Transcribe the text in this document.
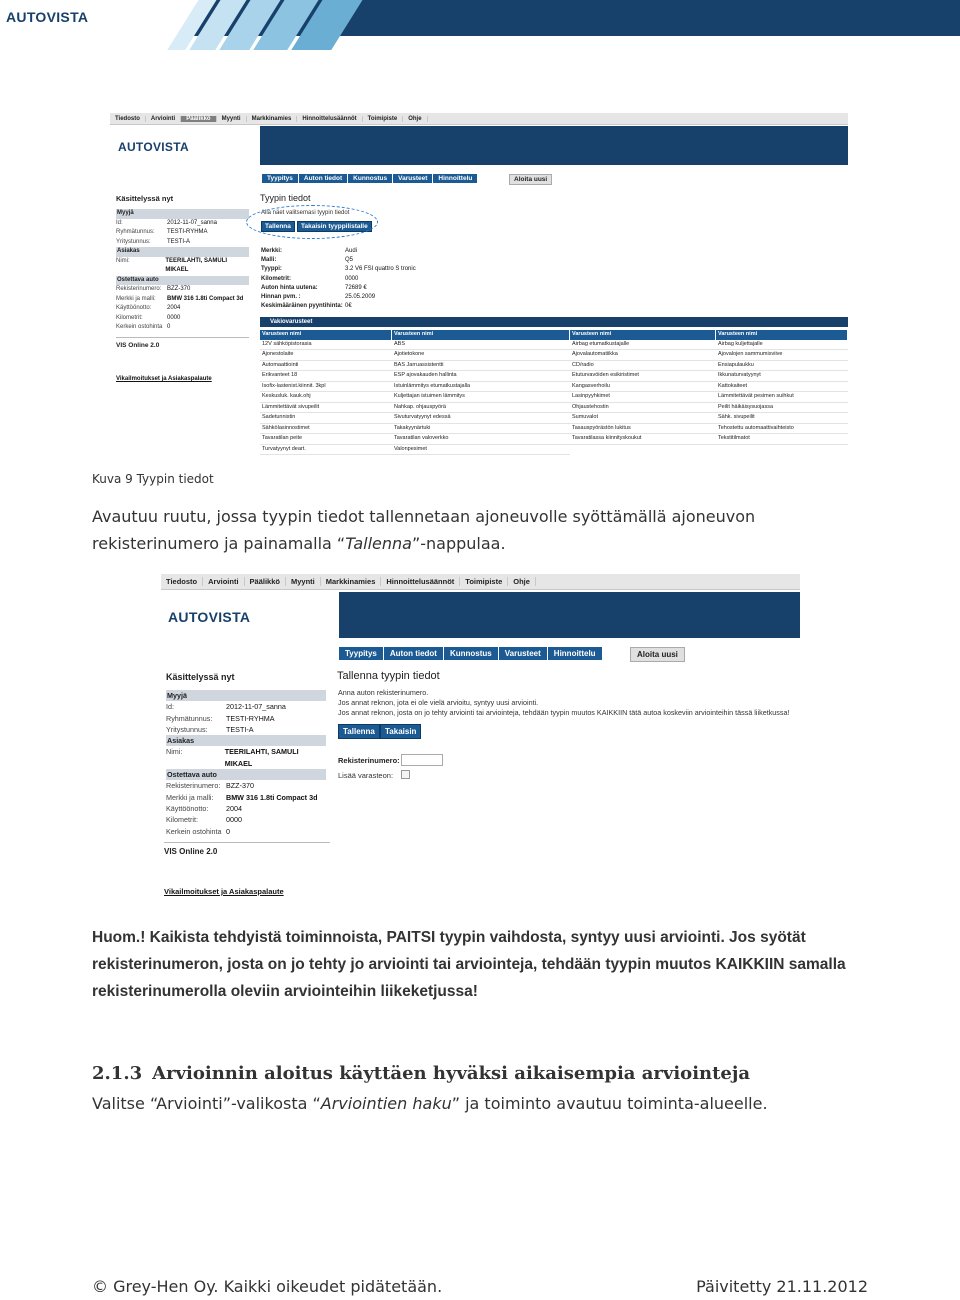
AUTOVISTA
Tiedosto	Arviointi	Päälikkö	Myynti	Markkinamies	Hinnoittelusäännöt	Toimipiste	Ohje
AUTOVISTA
Tyypitys	Auton tiedot	Kunnostus	Varusteet	Hinnoittelu	Aloita uusi
Käsittelyssä nyt
Myyjä
Id:	2012-11-07_sanna
Ryhmätunnus:	TESTI-RYHMA
Yritystunnus:	TESTI-A
Asiakas
Nimi:	TEERILAHTI, SAMULI MIKAEL
Ostettava auto
Rekisterinumero: BZZ-370
Merkki ja malli:	BMW 316 1.8ti Compact 3d
Käyttöönotto:	2004
Kilometrit:	0000
Kerkein ostohinta 0
VIS Online 2.0
Vikailmoitukset ja Asiakaspalaute
Tyypin tiedot
Alla näet valitsemasi tyypin tiedot
Tallenna	Takaisin tyyppilistalle
Merkki:	Audi
Malli:	Q5
Tyyppi:	3.2 V6 FSI quattro S tronic
Kilometrit:	0000
Auton hinta uutena:	72689 €
Hinnan pvm. :	25.05.2009
Keskimääräinen pyyntihinta: 0€
Vakiovarusteet
Varusteen nimi	Varusteen nimi	Varusteen nimi	Varusteen nimi
12V sähköpistorasia	ABS	Airbag etumatkustajalle	Airbag kuljettajalle
Ajonestolaite	Ajotietokone	Ajovalautomatiikka	Ajovalojen sammumisviive
Automaattiointi	BAS Jarruassistentti	CD/radio	Ensiapulaukku
Erikvanteet 18	ESP ajovakauden hallinta	Etuturvavöiden esikiristimet	Ikkunaturvatyynyt
Isofix-lastenist.kiinnit. 3kpl	Istuinlämmitys etumatkustajalla	Kangasverhoilu	Kattokaiteet
Keskusluk. kauk.ohj	Kuljettajan istuimen lämmitys	Lasinpyyhkimet	Lämmitettävät pesimen suihkut
Lämmitettävät sivupeilit	Nahkap. ohjauspyörä	Ohjaustehostin	Peilit häikäisysuojassa
Sadetunnistin	Sivuturvatyynyt edessä	Sumuvalot	Sähk. sivupeilit
Sähkölasinnostimet	Takakyynärtuki	Tasauspyörästön lukitus	Tehostettu automaattivaihteisto
Tavaratilan peite	Tavaratilan valoverkko	Tavaratilassa kiinnityskoukut	Tekstitilmatot
Turvatyynyt deart.	Valonpesimet
Kuva 9 Tyypin tiedot
Avautuu ruutu, jossa tyypin tiedot tallennetaan ajoneuvolle syöttämällä ajoneuvon
rekisterinumero ja painamalla “Tallenna”-nappulaa.
Tiedosto	Arviointi	Päälikkö	Myynti	Markkinamies	Hinnoittelusäännöt	Toimipiste	Ohje
AUTOVISTA
Tyypitys	Auton tiedot	Kunnostus	Varusteet	Hinnoittelu	Aloita uusi
Käsittelyssä nyt
Myyjä
Id:	2012-11-07_sanna
Ryhmätunnus:	TESTI-RYHMA
Yritystunnus:	TESTI-A
Asiakas
Nimi:	TEERILAHTI, SAMULI MIKAEL
Ostettava auto
Rekisterinumero: BZZ-370
Merkki ja malli:	BMW 316 1.8ti Compact 3d
Käyttöönotto:	2004
Kilometrit:	0000
Kerkein ostohinta 0
VIS Online 2.0
Vikailmoitukset ja Asiakaspalaute
Tallenna tyypin tiedot
Anna auton rekisterinumero.
Jos annat reknon, jota ei ole vielä arvioitu, syntyy uusi arviointi.
Jos annat reknon, josta on jo tehty arviointi tai arviointeja, tehdään tyypin muutos KAIKKIIN tätä autoa koskeviin arviointeihin tässä liiketkussa!
Tallenna	Takaisin
Rekisterinumero:
Lisää varasteon:
Huom.! Kaikista tehdyistä toiminnoista, PAITSI tyypin vaihdosta, syntyy uusi arviointi. Jos syötät rekisterinumeron, josta on jo tehty jo arviointi tai arviointeja, tehdään tyypin muutos KAIKKIIN samalla rekisterinumerolla oleviin arviointeihin liikeketjussa!
2.1.3 Arvioinnin aloitus käyttäen hyväksi aikaisempia arviointeja
Valitse “Arviointi”-valikosta “Arviointien haku” ja toiminto avautuu toiminta-alueelle.
© Grey-Hen Oy. Kaikki oikeudet pidätetään.	Päivitetty 21.11.2012
